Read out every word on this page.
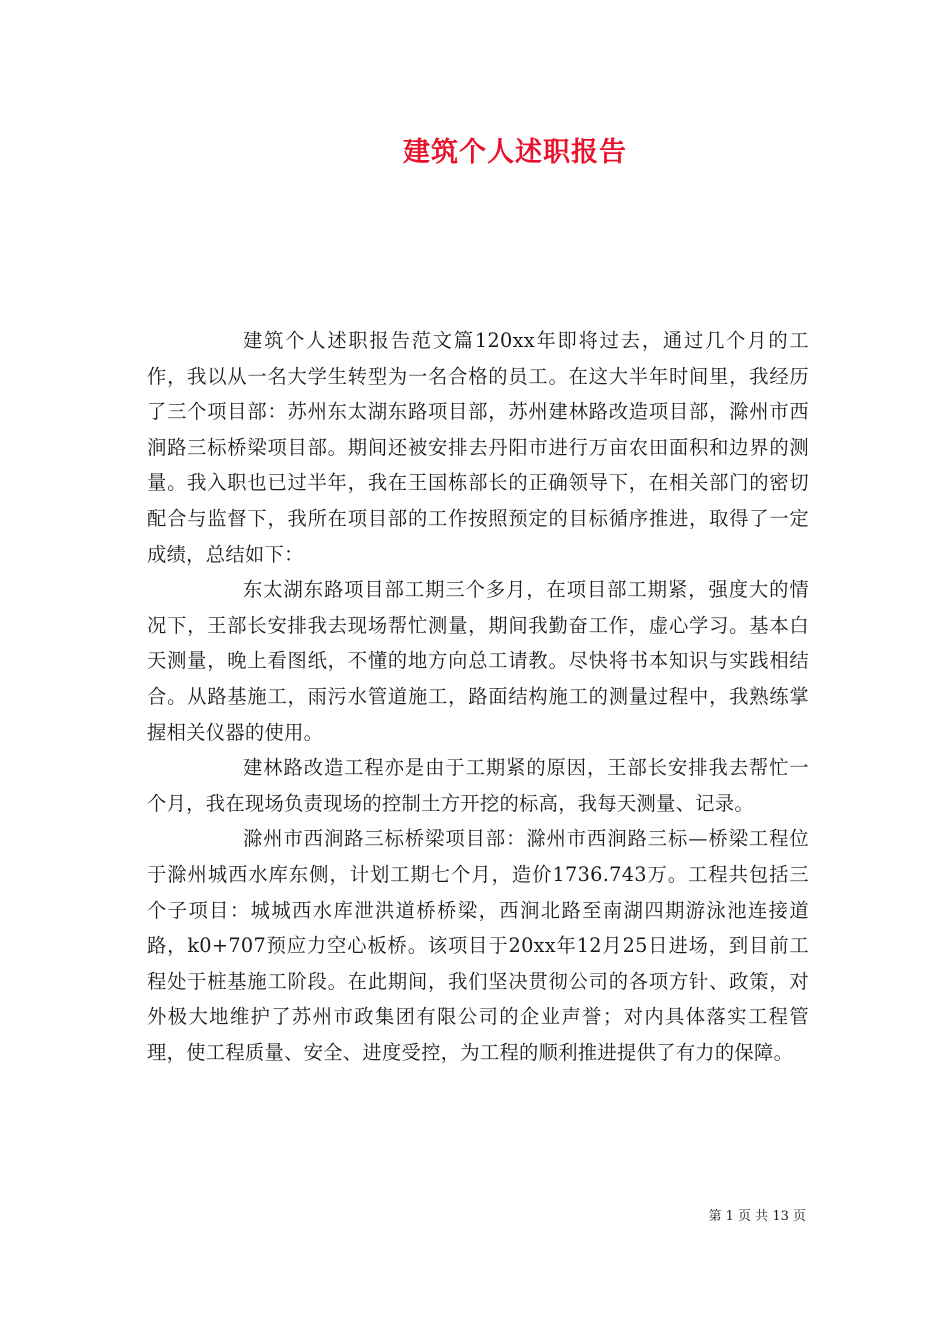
建筑个人述职报告

建筑个人述职报告范文篇120xx年即将过去，通过几个月的工作，我以从一名大学生转型为一名合格的员工。在这大半年时间里，我经历了三个项目部：苏州东太湖东路项目部，苏州建林路改造项目部，滁州市西涧路三标桥梁项目部。期间还被安排去丹阳市进行万亩农田面积和边界的测量。我入职也已过半年，我在王国栋部长的正确领导下，在相关部门的密切配合与监督下，我所在项目部的工作按照预定的目标循序推进，取得了一定成绩，总结如下：

东太湖东路项目部工期三个多月，在项目部工期紧，强度大的情况下，王部长安排我去现场帮忙测量，期间我勤奋工作，虚心学习。基本白天测量，晚上看图纸，不懂的地方向总工请教。尽快将书本知识与实践相结合。从路基施工，雨污水管道施工，路面结构施工的测量过程中，我熟练掌握相关仪器的使用。

建林路改造工程亦是由于工期紧的原因，王部长安排我去帮忙一个月，我在现场负责现场的控制土方开挖的标高，我每天测量、记录。

滁州市西涧路三标桥梁项目部：滁州市西涧路三标—桥梁工程位于滁州城西水库东侧，计划工期七个月，造价1736.743万。工程共包括三个子项目：城城西水库泄洪道桥桥梁，西涧北路至南湖四期游泳池连接道路，k0+707预应力空心板桥。该项目于20xx年12月25日进场，到目前工程处于桩基施工阶段。在此期间，我们坚决贯彻公司的各项方针、政策，对外极大地维护了苏州市政集团有限公司的企业声誉；对内具体落实工程管理，使工程质量、安全、进度受控，为工程的顺利推进提供了有力的保障。

第 1 页 共 13 页
